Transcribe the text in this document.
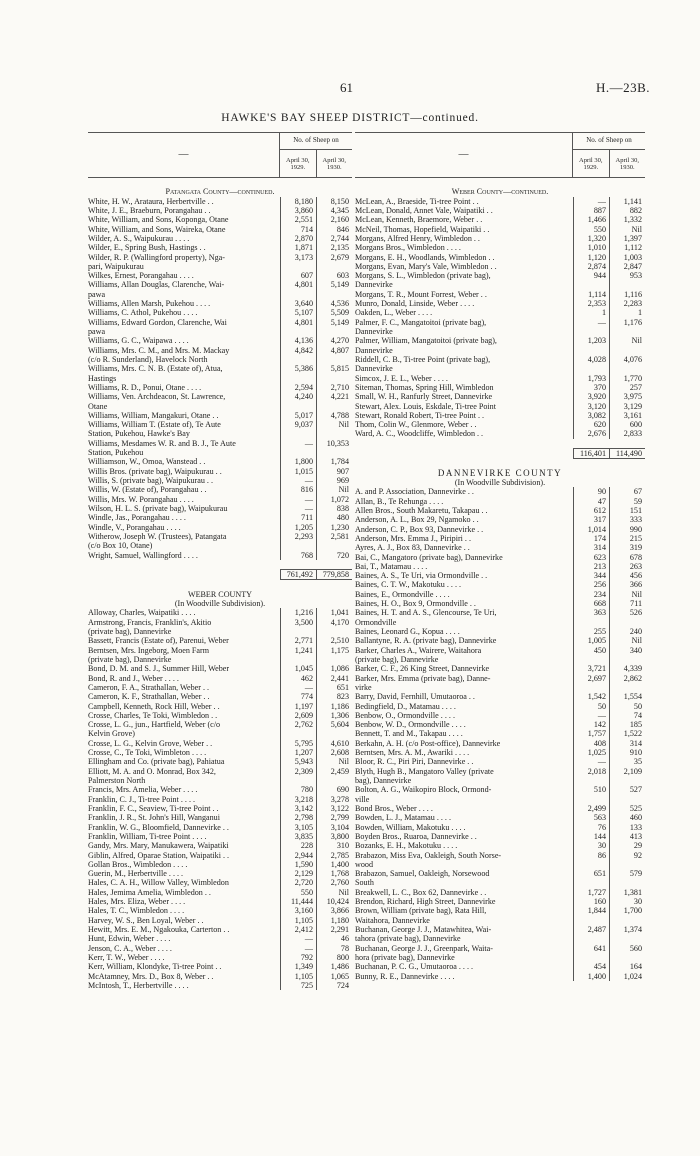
61	H.—23B.
HAWKE'S BAY SHEEP DISTRICT—continued.
—
No. of Sheep on
April 30, 1929.
April 30, 1930.
Patangata County—continued.
White, H. W., Arataura, Herbertville . .	8,180	8,150
White, J. E., Braeburn, Porangahau . .	3,860	4,345
White, William, and Sons, Koponga, Otane	2,551	2,160
White, William, and Sons, Waireka, Otane	714	846
Wilder, A. S., Waipukurau . . . .	2,870	2,744
Wilder, E., Spring Bush, Hastings . .	1,871	2,135
Wilder, R. P. (Wallingford property), Nga-	3,173	2,679
pari, Waipukurau
Wilkes, Ernest, Porangahau . . . .	607	603
Williams, Allan Douglas, Clarenche, Wai-	4,801	5,149
pawa
Williams, Allen Marsh, Pukehou . . . .	3,640	4,536
Williams, C. Athol, Pukehou . . . .	5,107	5,509
Williams, Edward Gordon, Clarenche, Wai	4,801	5,149
pawa
Williams, G. C., Waipawa . . . .	4,136	4,270
Williams, Mrs. C. M., and Mrs. M. Mackay	4,842	4,807
(c/o R. Sunderland), Havelock North
Williams, Mrs. C. N. B. (Estate of), Atua,	5,386	5,815
Hastings
Williams, R. D., Ponui, Otane . . . .	2,594	2,710
Williams, Ven. Archdeacon, St. Lawrence,	4,240	4,221
Otane
Williams, William, Mangakuri, Otane . .	5,017	4,788
Williams, William T. (Estate of), Te Aute	9,037	Nil
Station, Pukehou, Hawke's Bay
Williams, Mesdames W. R. and B. J., Te Aute	—	10,353
Station, Pukehou
Williamson, W., Omoa, Wanstead . .	1,800	1,784
Willis Bros. (private bag), Waipukurau . .	1,015	907
Willis, S. (private bag), Waipukurau . .	—	969
Willis, W. (Estate of), Porangahau . .	816	Nil
Willis, Mrs. W. Porangahau . . . .	—	1,072
Wilson, H. L. S. (private bag), Waipukurau	—	838
Windle, Jas., Porangahau . . . .	711	480
Windle, V., Porangahau . . . .	1,205	1,230
Witherow, Joseph W. (Trustees), Patangata	2,293	2,581
(c/o Box 10, Otane)
Wright, Samuel, Wallingford . . . .	768	720
761,492	779,858
WEBER COUNTY
(In Woodville Subdivision).
Alloway, Charles, Waipatiki . . . .	1,216	1,041
Armstrong, Francis, Franklin's, Akitio	3,500	4,170
(private bag), Dannevirke
Bassett, Francis (Estate of), Parenui, Weber	2,771	2,510
Berntsen, Mrs. Ingeborg, Moen Farm	1,241	1,175
(private bag), Dannevirke
Bond, D. M. and S. J., Summer Hill, Weber	1,045	1,086
Bond, R. and J., Weber . . . .	462	2,441
Cameron, F. A., Strathallan, Weber . .	—	651
Cameron, K. F., Strathallan, Weber . .	774	823
Campbell, Kenneth, Rock Hill, Weber . .	1,197	1,186
Crosse, Charles, Te Toki, Wimbledon . .	2,609	1,306
Crosse, L. G., jun., Hartfield, Weber (c/o	2,762	5,604
Kelvin Grove)
Crosse, L. G., Kelvin Grove, Weber . .	5,795	4,610
Crosse, C., Te Toki, Wimbleton . . . .	1,207	2,608
Ellingham and Co. (private bag), Pahiatua	5,943	Nil
Elliott, M. A. and O. Monrad, Box 342,	2,309	2,459
Palmerston North
Francis, Mrs. Amelia, Weber . . . .	780	690
Franklin, C. J., Ti-tree Point . . . .	3,218	3,278
Franklin, F. C., Seaview, Ti-tree Point . .	3,142	3,122
Franklin, J. R., St. John's Hill, Wanganui	2,798	2,799
Franklin, W. G., Bloomfield, Dannevirke . .	3,105	3,104
Franklin, William, Ti-tree Point . . . .	3,835	3,800
Gandy, Mrs. Mary, Manukawera, Waipatiki	228	310
Giblin, Alfred, Oparae Station, Waipatiki . .	2,944	2,785
Gollan Bros., Wimbledon . . . .	1,590	1,400
Guerin, M., Herbertville . . . .	2,129	1,768
Hales, C. A. H., Willow Valley, Wimbledon	2,720	2,760
Hales, Jemima Amelia, Wimbledon . .	550	Nil
Hales, Mrs. Eliza, Weber . . . .	11,444	10,424
Hales, T. C., Wimbledon . . . .	3,160	3,866
Harvey, W. S., Ben Loyal, Weber . .	1,105	1,180
Hewitt, Mrs. E. M., Ngakouka, Carterton . .	2,412	2,291
Hunt, Edwin, Weber . . . .	—	46
Jenson, C. A., Weber . . . .	—	78
Kerr, T. W., Weber . . . .	792	800
Kerr, William, Klondyke, Ti-tree Point . .	1,349	1,486
McAtamney, Mrs. D., Box 8, Weber . .	1,105	1,065
McIntosh, T., Herbertville . . . .	725	724
—
No. of Sheep on
April 30, 1929.
April 30, 1930.
Weber County—continued.
McLean, A., Braeside, Ti-tree Point . .	—	1,141
McLean, Donald, Annet Vale, Waipatiki . .	887	882
McLean, Kenneth, Braemore, Weber . .	1,466	1,332
McNeil, Thomas, Hopefield, Waipatiki . .	550	Nil
Morgans, Alfred Henry, Wimbledon . .	1,320	1,397
Morgans Bros., Wimbledon . . . .	1,010	1,112
Morgans, E. H., Woodlands, Wimbledon . .	1,120	1,003
Morgans, Evan, Mary's Vale, Wimbledon . .	2,874	2,847
Morgans, S. L., Wimbledon (private bag),	944	953
Dannevirke
Morgans, T. R., Mount Forrest, Weber . .	1,114	1,116
Munro, Donald, Linside, Weber . . . .	2,353	2,283
Oakden, L., Weber . . . .	1	1
Palmer, F. C., Mangatoitoi (private bag),	—	1,176
Dannevirke
Palmer, William, Mangatoitoi (private bag),	1,203	Nil
Dannevirke
Riddell, C. B., Ti-tree Point (private bag),	4,028	4,076
Dannevirke
Simcox, J. E. L., Weber . . . .	1,793	1,770
Siteman, Thomas, Spring Hill, Wimbledon	370	257
Small, W. H., Ranfurly Street, Dannevirke	3,920	3,975
Stewart, Alex. Louis, Eskdale, Ti-tree Point	3,120	3,129
Stewart, Ronald Robert, Ti-tree Point . .	3,082	3,161
Thom, Colin W., Glenmore, Weber . .	620	600
Ward, A. C., Woodcliffe, Wimbledon . .	2,676	2,833
116,401	114,490
DANNEVIRKE COUNTY
(In Woodville Subdivision).
A. and P. Association, Dannevirke . .	90	67
Allan, B., Te Rehunga . . . .	47	59
Allen Bros., South Makaretu, Takapau . .	612	151
Anderson, A. L., Box 29, Ngamoko . .	317	333
Anderson, C. P., Box 93, Dannevirke . .	1,014	990
Anderson, Mrs. Emma J., Piripiri . .	174	215
Ayres, A. J., Box 83, Dannevirke . .	314	319
Bai, C., Mangatoro (private bag), Dannevirke	623	678
Bai, T., Matamau . . . .	213	263
Baines, A. S., Te Uri, via Ormondville . .	344	456
Baines, C. T. W., Makotuku . . . .	256	366
Baines, E., Ormondville . . . .	234	Nil
Baines, H. O., Box 9, Ormondville . .	668	711
Baines, H. T. and A. S., Glencourse, Te Uri,	363	526
Ormondville
Baines, Leonard G., Kopua . . . .	255	240
Ballantyne, R. A. (private bag), Dannevirke	1,005	Nil
Barker, Charles A., Wairere, Waitahora	450	340
(private bag), Dannevirke
Barker, C. F., 26 King Street, Dannevirke	3,721	4,339
Barker, Mrs. Emma (private bag), Danne-	2,697	2,862
virke
Barry, David, Fernhill, Umutaoroa . .	1,542	1,554
Bedingfield, D., Matamau . . . .	50	50
Benbow, O., Ormondville . . . .	—	74
Benbow, W. D., Ormondville . . . .	142	185
Bennett, T. and M., Takapau . . . .	1,757	1,522
Berkahn, A. H. (c/o Post-office), Dannevirke	408	314
Berntsen, Mrs. A. M., Awariki . . . .	1,025	910
Bloor, R. C., Piri Piri, Dannevirke . .	—	35
Blyth, Hugh B., Mangatoro Valley (private	2,018	2,109
bag), Dannevirke
Bolton, A. G., Waikopiro Block, Ormond-	510	527
ville
Bond Bros., Weber . . . .	2,499	525
Bowden, L. J., Matamau . . . .	563	460
Bowden, William, Makotuku . . . .	76	133
Boyden Bros., Ruaroa, Dannevirke . .	144	413
Bozanks, E. H., Makotuku . . . .	30	29
Brabazon, Miss Eva, Oakleigh, South Norse-	86	92
wood
Brabazon, Samuel, Oakleigh, Norsewood	651	579
South
Breakwell, L. C., Box 62, Dannevirke . .	1,727	1,381
Brendon, Richard, High Street, Dannevirke	160	30
Brown, William (private bag), Rata Hill,	1,844	1,700
Waitahora, Dannevirke
Buchanan, George J. J., Matawhitea, Wai-	2,487	1,374
tahora (private bag), Dannevirke
Buchanan, George J. J., Greenpark, Waita-	641	560
hora (private bag), Dannevirke
Buchanan, P. C. G., Umutaoroa . . . .	454	164
Bunny, R. E., Dannevirke . . . .	1,400	1,024
